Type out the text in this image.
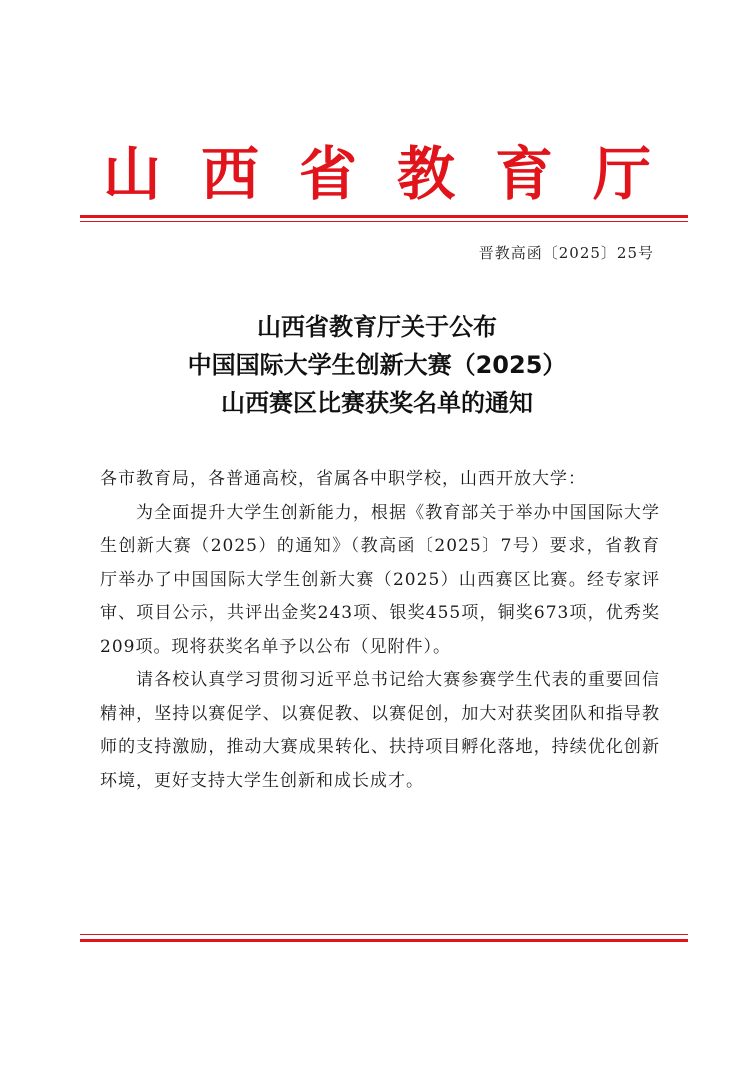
山西省教育厅
晋教高函〔2025〕25号
山西省教育厅关于公布
中国国际大学生创新大赛（2025）
山西赛区比赛获奖名单的通知

各市教育局，各普通高校，省属各中职学校，山西开放大学：

为全面提升大学生创新能力，根据《教育部关于举办中国国际大学生创新大赛（2025）的通知》（教高函〔2025〕7号）要求，省教育厅举办了中国国际大学生创新大赛（2025）山西赛区比赛。经专家评审、项目公示，共评出金奖243项、银奖455项，铜奖673项，优秀奖209项。现将获奖名单予以公布（见附件）。

请各校认真学习贯彻习近平总书记给大赛参赛学生代表的重要回信精神，坚持以赛促学、以赛促教、以赛促创，加大对获奖团队和指导教师的支持激励，推动大赛成果转化、扶持项目孵化落地，持续优化创新环境，更好支持大学生创新和成长成才。
